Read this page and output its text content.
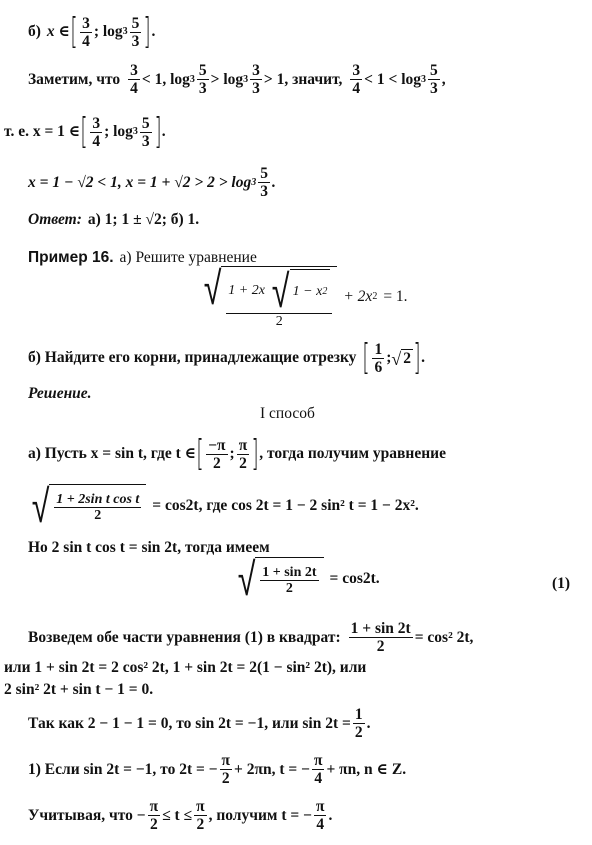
б) x ∈ [ $\frac{3}{4}$ ; $\log 3 \frac{5}{3}$ ] .
Заметим, что $\frac{3}{4} < 1$, $\log 3 \frac{5}{3} > \log 3 \frac{3}{3} > 1$, значит, $\frac{3}{4} < 1 < \log 3 \frac{5}{3}$ ,
т. е. x = 1 ∈ [ $\frac{3}{4}$ ; $\log 3 \frac{5}{3}$ ] .
x = 1 − √2 < 1, $x = 1 + √2 > 2 > \log 3 \frac{5}{3}$ .
Ответ: а) 1; 1 ± √2; б) 1.
Пример 16. а) Решите уравнение
√ $\frac{1 + 2x √ 1 - x 2}{2} + 2x$ 2 = 1.
б) Найдите его корни, принадлежащие отрезку [ $\frac{1}{6}$ ; √ 2 ] .
Решение.
I способ
а) Пусть x = sin t, где t ∈ [ $\frac{-\pi}{2}$ ; $\frac{\pi}{2}$ ] , тогда получим уравнение
√ $\frac{\text{1 + 2sin t cos t}}{2} = \cos 2t$, где cos 2t = 1 − 2 sin² t = 1 − 2x².
Но 2 sin t cos t = sin 2t, тогда имеем
√ $\frac{1 + \sin 2t}{2} = \cos 2t$.	(1)
Возведем обе части уравнения (1) в квадрат: $\frac{1 + \sin 2t}{2} = \cos^2$ 2t,
или 1 + sin 2t = 2 cos² 2t, 1 + sin 2t = 2(1 − sin² 2t), или
2 sin² 2t + sin t − 1 = 0.
Так как 2 − 1 − 1 = 0, то sin 2t = −1, или $\sin 2t = \frac{1}{2}$ .
1) Если sin 2t = −1, то 2t = − $\frac{\pi}{2} + 2\pi n$, t = − $\frac{\pi}{4} + \pi n$, n ∈ Z.
Учитывая, что − $\frac{\pi}{2} \le t \le \frac{\pi}{2}$ , получим t = − $\frac{\pi}{4}$ .
